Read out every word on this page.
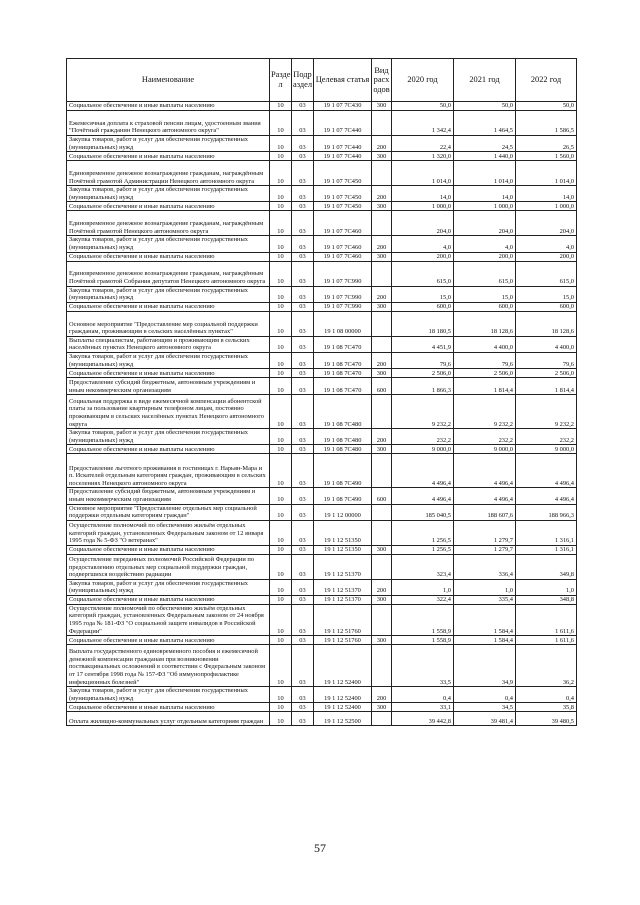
Наименование	Разде л	Подр аздел	Целевая статья	Вид расх одов	2020 год	2021 год	2022 год
Социальное обеспечение и иные выплаты населению	10	03	19 1 07 7С430	300	50,0	50,0	50,0
Ежемесячная доплата к страховой пенсии лицам, удостоенным звания "Почётный гражданин Ненецкого автономного округа"	10	03	19 1 07 7С440		1 342,4	1 464,5	1 586,5
Закупка товаров, работ и услуг для обеспечения государственных (муниципальных) нужд	10	03	19 1 07 7С440	200	22,4	24,5	26,5
Социальное обеспечение и иные выплаты населению	10	03	19 1 07 7С440	300	1 320,0	1 440,0	1 560,0
Единовременное денежное вознаграждение гражданам, награждённым Почётной грамотой Администрации Ненецкого автономного округа	10	03	19 1 07 7С450		1 014,0	1 014,0	1 014,0
Закупка товаров, работ и услуг для обеспечения государственных (муниципальных) нужд	10	03	19 1 07 7С450	200	14,0	14,0	14,0
Социальное обеспечение и иные выплаты населению	10	03	19 1 07 7С450	300	1 000,0	1 000,0	1 000,0
Единовременное денежное вознаграждение гражданам, награждённым Почётной грамотой Ненецкого автономного округа	10	03	19 1 07 7С460		204,0	204,0	204,0
Закупка товаров, работ и услуг для обеспечения государственных (муниципальных) нужд	10	03	19 1 07 7С460	200	4,0	4,0	4,0
Социальное обеспечение и иные выплаты населению	10	03	19 1 07 7С460	300	200,0	200,0	200,0
Единовременное денежное вознаграждение гражданам, награждённым Почётной грамотой Собрания депутатов Ненецкого автономного округа	10	03	19 1 07 7С990		615,0	615,0	615,0
Закупка товаров, работ и услуг для обеспечения государственных (муниципальных) нужд	10	03	19 1 07 7С990	200	15,0	15,0	15,0
Социальное обеспечение и иные выплаты населению	10	03	19 1 07 7С990	300	600,0	600,0	600,0
Основное мероприятие "Предоставление мер социальной поддержки гражданам, проживающим в сельских населённых пунктах"	10	03	19 1 08 00000		18 180,5	18 128,6	18 128,6
Выплаты специалистам, работающим и проживающим в сельских населённых пунктах Ненецкого автономного округа	10	03	19 1 08 7С470		4 451,9	4 400,0	4 400,0
Закупка товаров, работ и услуг для обеспечения государственных (муниципальных) нужд	10	03	19 1 08 7С470	200	79,6	79,6	79,6
Социальное обеспечение и иные выплаты населению	10	03	19 1 08 7С470	300	2 506,0	2 506,0	2 506,0
Предоставление субсидий бюджетным, автономным учреждениям и иным некоммерческим организациям	10	03	19 1 08 7С470	600	1 866,3	1 814,4	1 814,4
Социальная поддержка в виде ежемесячной компенсации абонентской платы за пользование квартирным телефоном лицам, постоянно проживающим в сельских населённых пунктах Ненецкого автономного округа	10	03	19 1 08 7С480		9 232,2	9 232,2	9 232,2
Закупка товаров, работ и услуг для обеспечения государственных (муниципальных) нужд	10	03	19 1 08 7С480	200	232,2	232,2	232,2
Социальное обеспечение и иные выплаты населению	10	03	19 1 08 7С480	300	9 000,0	9 000,0	9 000,0
Предоставление льготного проживания в гостиницах г. Нарьян-Мара и п. Искателей отдельным категориям граждан, проживающим в сельских поселениях Ненецкого автономного округа	10	03	19 1 08 7С490		4 496,4	4 496,4	4 496,4
Предоставление субсидий бюджетным, автономным учреждениям и иным некоммерческим организациям	10	03	19 1 08 7С490	600	4 496,4	4 496,4	4 496,4
Основное мероприятие "Предоставление отдельных мер социальной поддержки отдельным категориям граждан"	10	03	19 1 12 00000		185 040,5	188 607,6	188 966,3
Осуществление полномочий по обеспечению жильём отдельных категорий граждан, установленных Федеральным законом от 12 января 1995 года № 5-ФЗ "О ветеранах"	10	03	19 1 12 51350		1 256,5	1 279,7	1 316,1
Социальное обеспечение и иные выплаты населению	10	03	19 1 12 51350	300	1 256,5	1 279,7	1 316,1
Осуществление переданных полномочий Российской Федерации по предоставлению отдельных мер социальной поддержки граждан, подвергшихся воздействию радиации	10	03	19 1 12 51370		323,4	336,4	349,8
Закупка товаров, работ и услуг для обеспечения государственных (муниципальных) нужд	10	03	19 1 12 51370	200	1,0	1,0	1,0
Социальное обеспечение и иные выплаты населению	10	03	19 1 12 51370	300	322,4	335,4	348,8
Осуществление полномочий по обеспечению жильём отдельных категорий граждан, установленных Федеральным законом от 24 ноября 1995 года № 181-ФЗ "О социальной защите инвалидов в Российской Федерации"	10	03	19 1 12 51760		1 558,9	1 584,4	1 611,6
Социальное обеспечение и иные выплаты населению	10	03	19 1 12 51760	300	1 558,9	1 584,4	1 611,6
Выплата государственного единовременного пособия и ежемесячной денежной компенсации гражданам при возникновении поствакцинальных осложнений в соответствии с Федеральным законом от 17 сентября 1998 года № 157-ФЗ "Об иммунопрофилактике инфекционных болезней"	10	03	19 1 12 52400		33,5	34,9	36,2
Закупка товаров, работ и услуг для обеспечения государственных (муниципальных) нужд	10	03	19 1 12 52400	200	0,4	0,4	0,4
Социальное обеспечение и иные выплаты населению	10	03	19 1 12 52400	300	33,1	34,5	35,8
Оплата жилищно-коммунальных услуг отдельным категориям граждан	10	03	19 1 12 52500		39 442,8	39 481,4	39 480,5
57
